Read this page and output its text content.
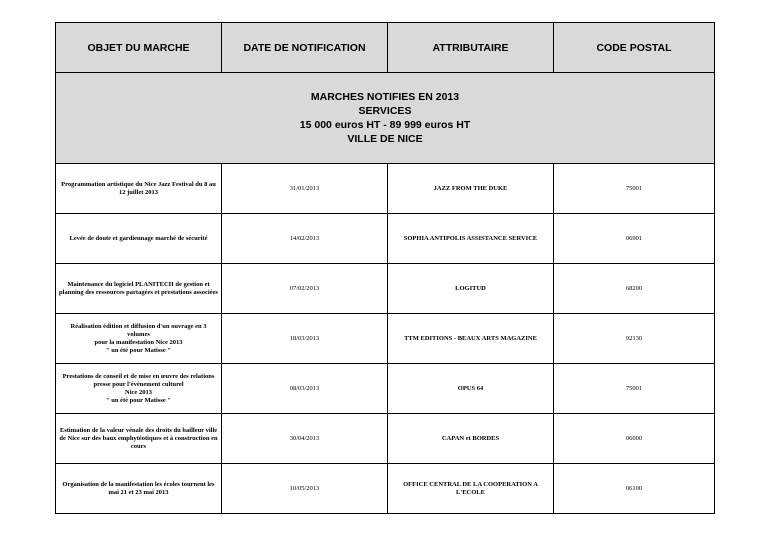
OBJET DU MARCHE	DATE DE NOTIFICATION	ATTRIBUTAIRE	CODE POSTAL

MARCHES NOTIFIES EN 2013
SERVICES
15 000 euros HT - 89 999 euros HT
VILLE DE NICE			

Programmation artistique du Nice Jazz Festival du 8 au
12 juillet 2013	31/01/2013	JAZZ FROM THE DUKE	75001

Levée de doute et gardiennage marché de sécurité	14/02/2013	SOPHIA ANTIPOLIS ASSISTANCE SERVICE	06901

Maintenance du logiciel PLANITECH de gestion et
planning des ressources partagées et prestations associées	07/02/2013	LOGITUD	68200

Réalisation édition et diffusion d'un ouvrage en 3 volumes
pour la manifestation Nice 2013
" un été pour Matisse "	18/03/2013	TTM EDITIONS - BEAUX ARTS MAGAZINE	92130

Prestations de conseil et de mise en œuvre des relations
presse pour l'évènement culturel
Nice 2013
" un été pour Matisse "	08/03/2013	OPUS 64	75001

Estimation de la valeur vénale des droits du bailleur ville
de Nice sur des baux emphytéotiques et à construction en
cours	30/04/2013	CAPAN et BORDES	06000

Organisation de la manifestation les écoles tournent les
mai 21 et 23 mai 2013	10/05/2013	OFFICE CENTRAL DE LA COOPERATION A L'ECOLE	06100
